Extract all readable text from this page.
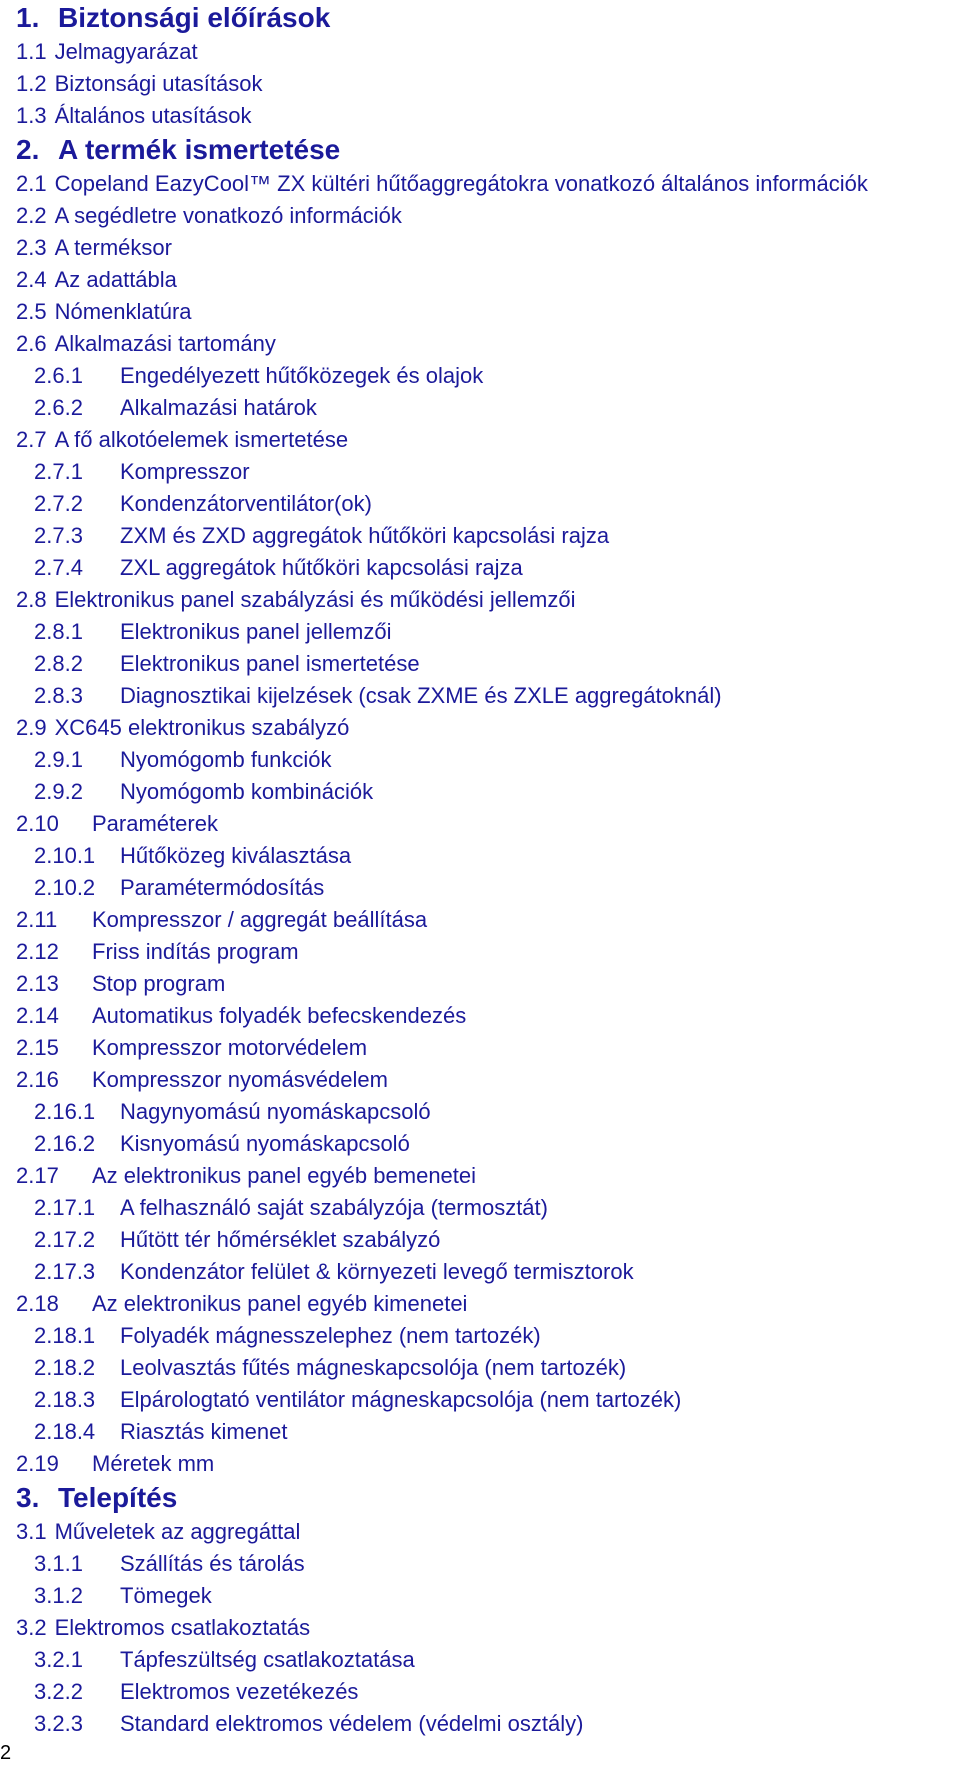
1. Biztonsági előírások
1.1 Jelmagyarázat
1.2 Biztonsági utasítások
1.3 Általános utasítások
2. A termék ismertetése
2.1 Copeland EazyCool™ ZX kültéri hűtőaggregátokra vonatkozó általános információk
2.2 A segédletre vonatkozó információk
2.3 A terméksor
2.4 Az adattábla
2.5 Nómenklatúra
2.6 Alkalmazási tartomány
2.6.1 Engedélyezett hűtőközegek és olajok
2.6.2 Alkalmazási határok
2.7 A fő alkotóelemek ismertetése
2.7.1 Kompresszor
2.7.2 Kondenzátorventilátor(ok)
2.7.3 ZXM és ZXD aggregátok hűtőköri kapcsolási rajza
2.7.4 ZXL aggregátok hűtőköri kapcsolási rajza
2.8 Elektronikus panel szabályzási és működési jellemzői
2.8.1 Elektronikus panel jellemzői
2.8.2 Elektronikus panel ismertetése
2.8.3 Diagnosztikai kijelzések (csak ZXME és ZXLE aggregátoknál)
2.9 XC645 elektronikus szabályzó
2.9.1 Nyomógomb funkciók
2.9.2 Nyomógomb kombinációk
2.10 Paraméterek
2.10.1 Hűtőközeg kiválasztása
2.10.2 Paramétermódosítás
2.11 Kompresszor / aggregát beállítása
2.12 Friss indítás program
2.13 Stop program
2.14 Automatikus folyadék befecskendezés
2.15 Kompresszor motorvédelem
2.16 Kompresszor nyomásvédelem
2.16.1 Nagynyomású nyomáskapcsoló
2.16.2 Kisnyomású nyomáskapcsoló
2.17 Az elektronikus panel egyéb bemenetei
2.17.1 A felhasználó saját szabályzója (termosztát)
2.17.2 Hűtött tér hőmérséklet szabályzó
2.17.3 Kondenzátor felület & környezeti levegő termisztorok
2.18 Az elektronikus panel egyéb kimenetei
2.18.1 Folyadék mágnesszelephez (nem tartozék)
2.18.2 Leolvasztás fűtés mágneskapcsolója (nem tartozék)
2.18.3 Elpárologtató ventilátor mágneskapcsolója (nem tartozék)
2.18.4 Riasztás kimenet
2.19 Méretek mm
3. Telepítés
3.1 Műveletek az aggregáttal
3.1.1 Szállítás és tárolás
3.1.2 Tömegek
3.2 Elektromos csatlakoztatás
3.2.1 Tápfeszültség csatlakoztatása
3.2.2 Elektromos vezetékezés
3.2.3 Standard elektromos védelem (védelmi osztály)
2
